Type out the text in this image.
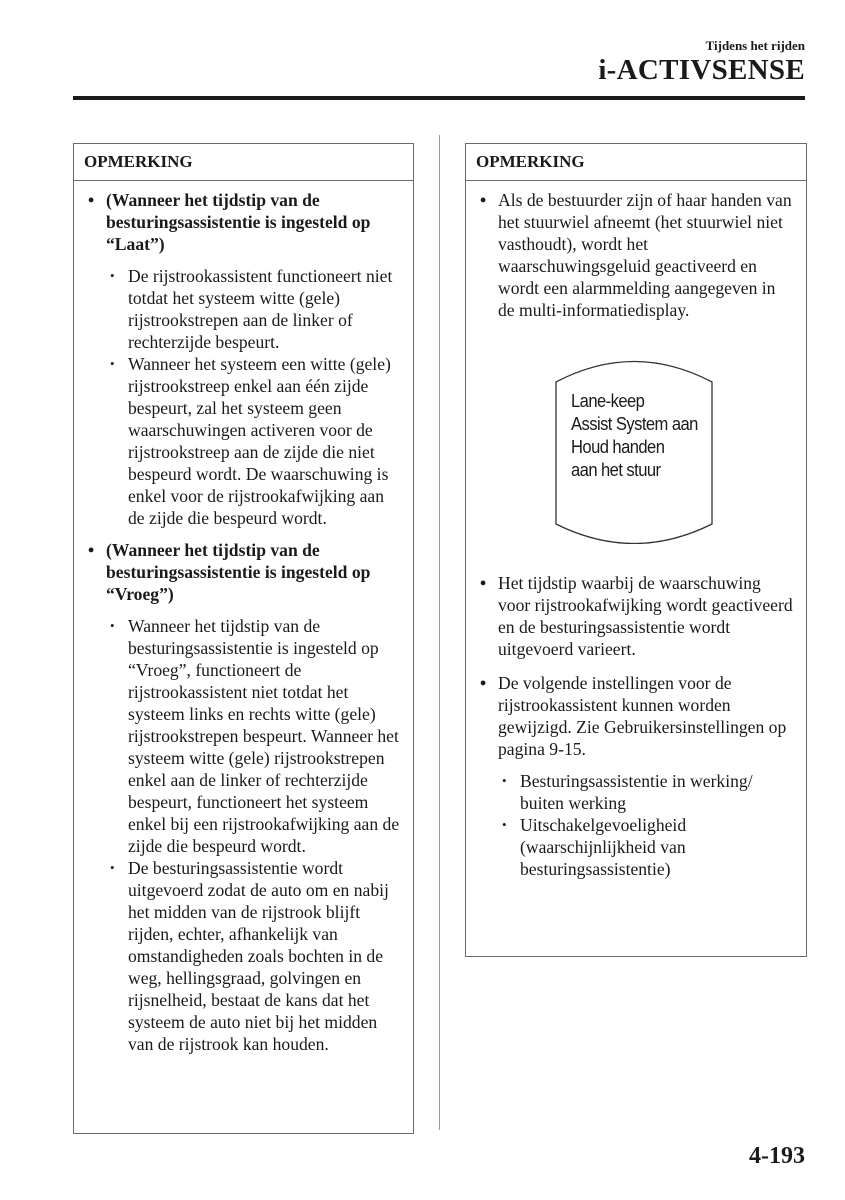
Tijdens het rijden
i-ACTIVSENSE
OPMERKING
• (Wanneer het tijdstip van de besturingsassistentie is ingesteld op “Laat”)
• De rijstrookassistent functioneert niet totdat het systeem witte (gele) rijstrookstrepen aan de linker of rechterzijde bespeurt.
• Wanneer het systeem een witte (gele) rijstrookstreep enkel aan één zijde bespeurt, zal het systeem geen waarschuwingen activeren voor de rijstrookstreep aan de zijde die niet bespeurd wordt. De waarschuwing is enkel voor de rijstrookafwijking aan de zijde die bespeurd wordt.
• (Wanneer het tijdstip van de besturingsassistentie is ingesteld op “Vroeg”)
• Wanneer het tijdstip van de besturingsassistentie is ingesteld op “Vroeg”, functioneert de rijstrookassistent niet totdat het systeem links en rechts witte (gele) rijstrookstrepen bespeurt. Wanneer het systeem witte (gele) rijstrookstrepen enkel aan de linker of rechterzijde bespeurt, functioneert het systeem enkel bij een rijstrookafwijking aan de zijde die bespeurd wordt.
• De besturingsassistentie wordt uitgevoerd zodat de auto om en nabij het midden van de rijstrook blijft rijden, echter, afhankelijk van omstandigheden zoals bochten in de weg, hellingsgraad, golvingen en rijsnelheid, bestaat de kans dat het systeem de auto niet bij het midden van de rijstrook kan houden.
OPMERKING
• Als de bestuurder zijn of haar handen van het stuurwiel afneemt (het stuurwiel niet vasthoudt), wordt het waarschuwingsgeluid geactiveerd en wordt een alarmmelding aangegeven in de multi-informatiedisplay.
Lane-keep
Assist System aan
Houd handen
aan het stuur
• Het tijdstip waarbij de waarschuwing voor rijstrookafwijking wordt geactiveerd en de besturingsassistentie wordt uitgevoerd varieert.
• De volgende instellingen voor de rijstrookassistent kunnen worden gewijzigd. Zie Gebruikersinstellingen op pagina 9-15.
• Besturingsassistentie in werking/ buiten werking
• Uitschakelgevoeligheid (waarschijnlijkheid van besturingsassistentie)
4-193
